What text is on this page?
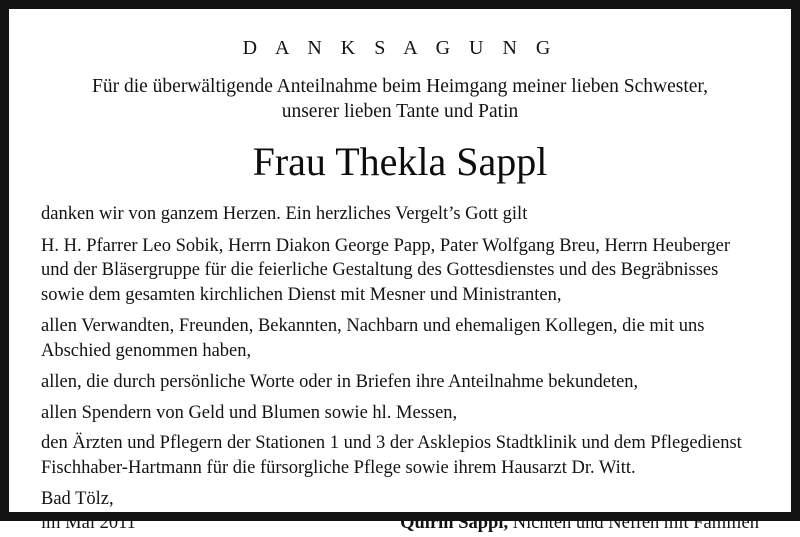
D A N K S A G U N G
Für die überwältigende Anteilnahme beim Heimgang meiner lieben Schwester,
unserer lieben Tante und Patin
Frau Thekla Sappl

danken wir von ganzem Herzen. Ein herzliches Vergelt’s Gott gilt

H. H. Pfarrer Leo Sobik, Herrn Diakon George Papp, Pater Wolfgang Breu, Herrn Heuberger und der Bläsergruppe für die feierliche Gestaltung des Gottesdienstes und des Begräbnisses sowie dem gesamten kirchlichen Dienst mit Mesner und Ministranten,

allen Verwandten, Freunden, Bekannten, Nachbarn und ehemaligen Kollegen, die mit uns Abschied genommen haben,

allen, die durch persönliche Worte oder in Briefen ihre Anteilnahme bekundeten,

allen Spendern von Geld und Blumen sowie hl. Messen,

den Ärzten und Pflegern der Stationen 1 und 3 der Asklepios Stadtklinik und dem Pflegedienst Fischhaber-Hartmann für die fürsorgliche Pflege sowie ihrem Hausarzt Dr. Witt.

Bad Tölz,
im Mai 2011	Quirin Sappl, Nichten und Neffen mit Familien
